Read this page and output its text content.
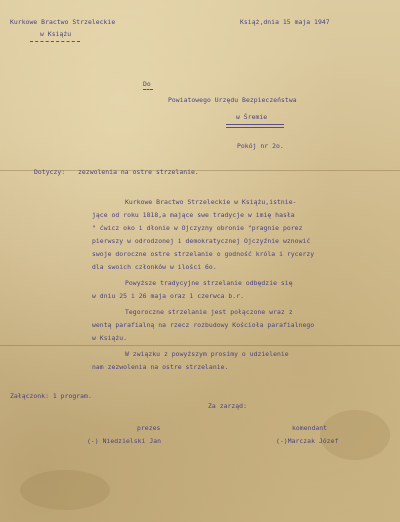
Kurkowe Bractwo Strzeleckie
w Książu
Książ,dnia 15 maja 1947
Do
Powiatowego Urzędu Bezpieczeństwa
w Śremie
Pokój nr 2o.
Dotyczy: zezwolenia na ostre strzelanie.
Kurkowe Bractwo Strzeleckie w Książu,istnie-
jące od roku 1818,a mające swe tradycje w imię hasła
" ćwicz oko i dłonie w Ojczyzny obronie "pragnie porez
pierwszy w odrodzonej i demokratycznej Ojczyźnie wznowić
swoje doroczne ostre strzelanie o godność króla i rycerzy
dla swoich członków w ilości 6o.
Powyższe tradycyjne strzelanie odbędzie się
w dniu 25 i 26 maja oraz 1 czerwca b.r.
Tegoroczne strzelanie jest połączone wraz z
wentą parafialną na rzecz rozbudowy Kościoła parafialnego
w Książu.
W związku z powyższym prosimy o udzielenie
nam zezwolenia na ostre strzelanie.
Załączonk: 1 program.
Za zarząd:
prezes
(-) Niedzielski Jan
komendant
(-)Marczak Józef
